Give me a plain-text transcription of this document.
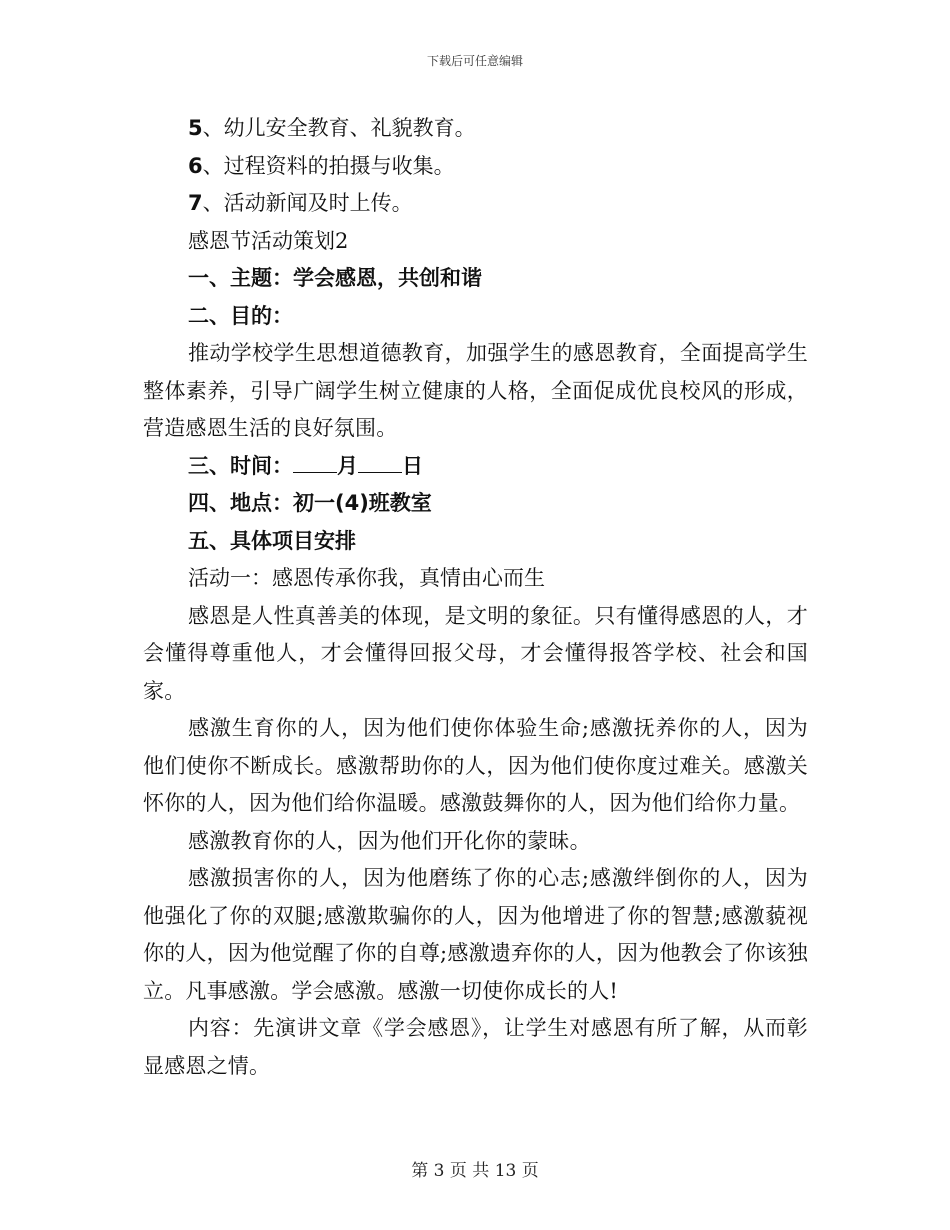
下载后可任意编辑

5、幼儿安全教育、礼貌教育。

6、过程资料的拍摄与收集。

7、活动新闻及时上传。

感恩节活动策划2

一、主题：学会感恩，共创和谐

二、目的：

推动学校学生思想道德教育，加强学生的感恩教育，全面提高学生整体素养，引导广阔学生树立健康的人格，全面促成优良校风的形成，营造感恩生活的良好氛围。

三、时间： 月 日

四、地点：初一(4)班教室

五、具体项目安排

活动一：感恩传承你我，真情由心而生

感恩是人性真善美的体现，是文明的象征。只有懂得感恩的人，才会懂得尊重他人，才会懂得回报父母，才会懂得报答学校、社会和国家。

感激生育你的人，因为他们使你体验生命;感激抚养你的人，因为他们使你不断成长。感激帮助你的人，因为他们使你度过难关。感激关怀你的人，因为他们给你温暖。感激鼓舞你的人，因为他们给你力量。

感激教育你的人，因为他们开化你的蒙昧。

感激损害你的人，因为他磨练了你的心志;感激绊倒你的人，因为他强化了你的双腿;感激欺骗你的人，因为他增进了你的智慧;感激藐视你的人，因为他觉醒了你的自尊;感激遗弃你的人，因为他教会了你该独立。凡事感激。学会感激。感激一切使你成长的人!

内容：先演讲文章《学会感恩》，让学生对感恩有所了解，从而彰显感恩之情。

第 3 页 共 13 页
